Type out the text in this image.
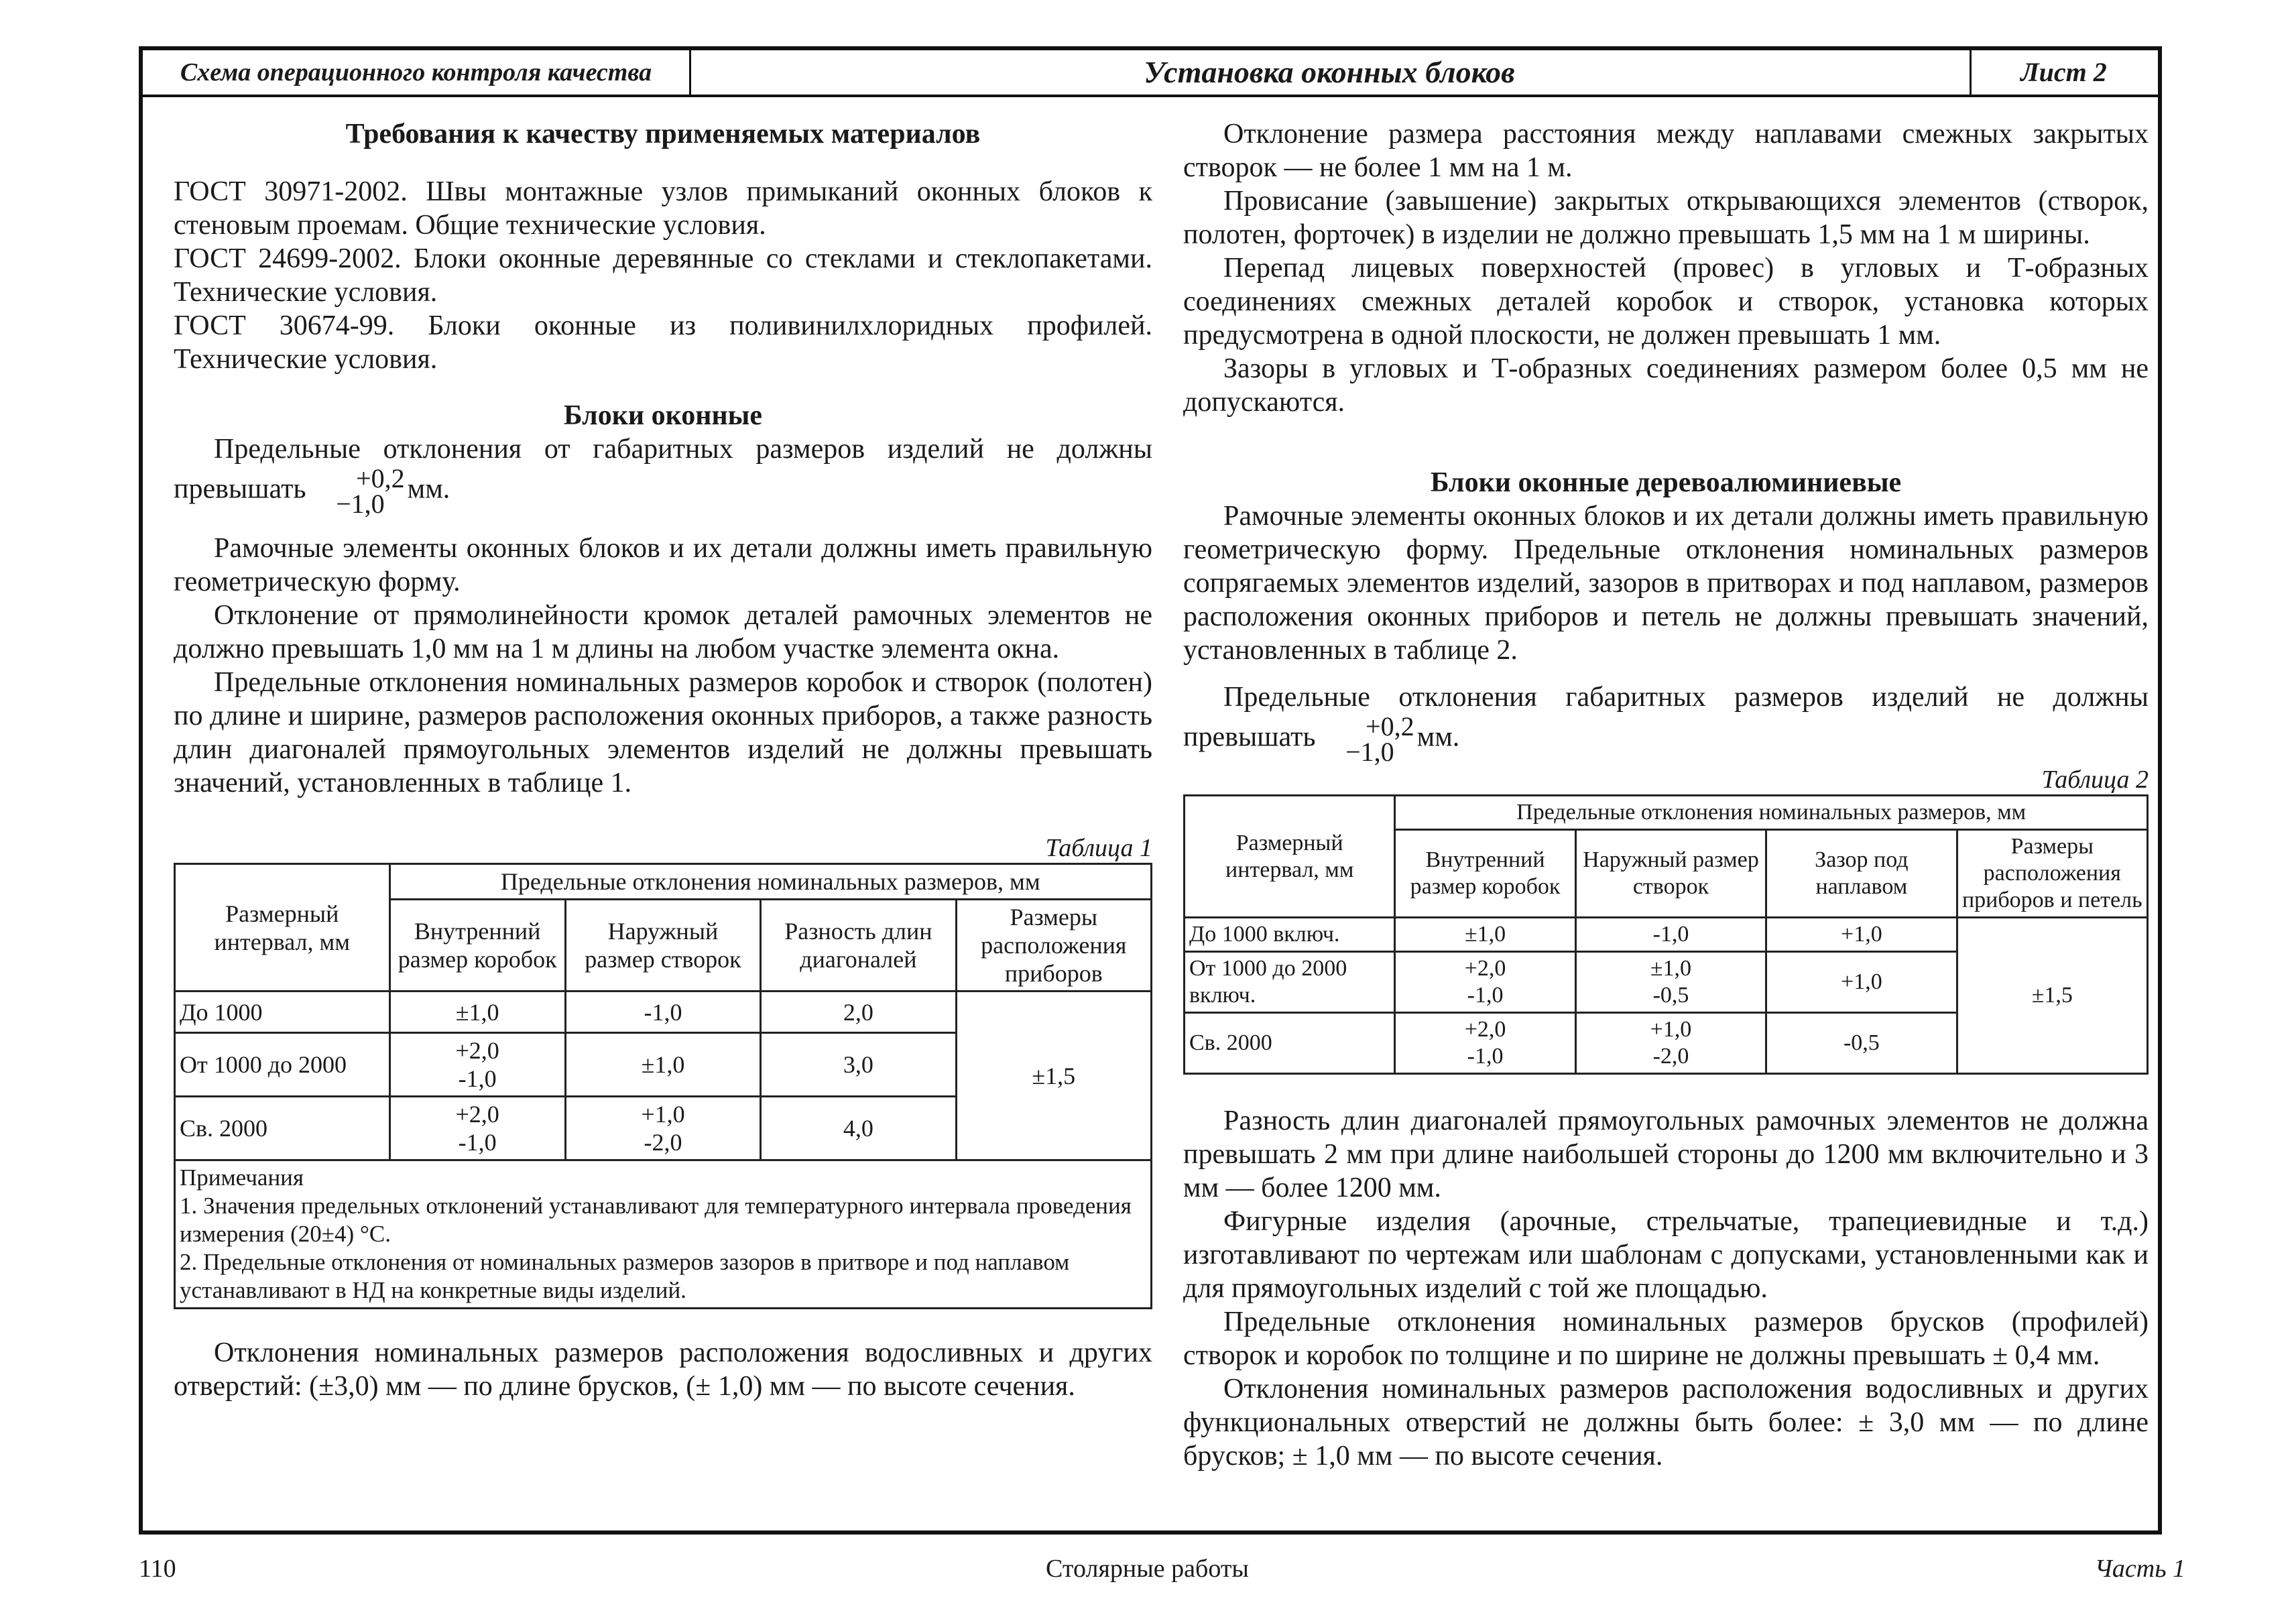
Схема операционного контроля качества	Установка оконных блоков	Лист 2

Требования к качеству применяемых материалов

ГОСТ 30971-2002. Швы монтажные узлов примыканий оконных блоков к стеновым проемам. Общие технические условия.

ГОСТ 24699-2002. Блоки оконные деревянные со стеклами и стеклопакетами. Технические условия.

ГОСТ 30674-99. Блоки оконные из поливинилхлоридных профилей. Технические условия.

Блоки оконные

Предельные отклонения от габаритных размеров изделий не должны превышать +0,2
−1,0 мм.

Рамочные элементы оконных блоков и их детали должны иметь правильную геометрическую форму.

Отклонение от прямолинейности кромок деталей рамочных элементов не должно превышать 1,0 мм на 1 м длины на любом участке элемента окна.

Предельные отклонения номинальных размеров коробок и створок (полотен) по длине и ширине, размеров расположения оконных приборов, а также разность длин диагоналей прямоугольных элементов изделий не должны превышать значений, установленных в таблице 1.

Таблица 1
Размерный интервал, мм	Предельные отклонения номинальных размеров, мм			
	Внутренний размер коробок	Наружный размер створок	Разность длин диагоналей	Размеры расположения приборов
До 1000	±1,0	-1,0	2,0	±1,5
От 1000 до 2000	+2,0
-1,0	±1,0	3,0	
Св. 2000	+2,0
-1,0	+1,0
-2,0	4,0	

Примечания
1. Значения предельных отклонений устанавливают для температурного интервала проведения измерения (20±4) °С.
2. Предельные отклонения от номинальных размеров зазоров в притворе и под наплавом устанавливают в НД на конкретные виды изделий.				

Отклонения номинальных размеров расположения водосливных и других отверстий: (±3,0) мм — по длине брусков, (± 1,0) мм — по высоте сечения.

Отклонение размера расстояния между наплавами смежных закрытых створок — не более 1 мм на 1 м.

Провисание (завышение) закрытых открывающихся элементов (створок, полотен, форточек) в изделии не должно превышать 1,5 мм на 1 м ширины.

Перепад лицевых поверхностей (провес) в угловых и Т-образных соединениях смежных деталей коробок и створок, установка которых предусмотрена в одной плоскости, не должен превышать 1 мм.

Зазоры в угловых и Т-образных соединениях размером более 0,5 мм не допускаются.

Блоки оконные деревоалюминиевые

Рамочные элементы оконных блоков и их детали должны иметь правильную геометрическую форму. Предельные отклонения номинальных размеров сопрягаемых элементов изделий, зазоров в притворах и под наплавом, размеров расположения оконных приборов и петель не должны превышать значений, установленных в таблице 2.

Предельные отклонения габаритных размеров изделий не должны превышать +0,2
−1,0 мм.

Таблица 2
Размерный интервал, мм	Предельные отклонения номинальных размеров, мм			
	Внутренний размер коробок	Наружный размер створок	Зазор под наплавом	Размеры расположения приборов и петель
До 1000 включ.	±1,0	-1,0	+1,0	±1,5
От 1000 до 2000 включ.	+2,0
-1,0	±1,0
-0,5	+1,0	
Св. 2000	+2,0
-1,0	+1,0
-2,0	-0,5	

Разность длин диагоналей прямоугольных рамочных элементов не должна превышать 2 мм при длине наибольшей стороны до 1200 мм включительно и 3 мм — более 1200 мм.

Фигурные изделия (арочные, стрельчатые, трапециевидные и т.д.) изготавливают по чертежам или шаблонам с допусками, установленными как и для прямоугольных изделий с той же площадью.

Предельные отклонения номинальных размеров брусков (профилей) створок и коробок по толщине и по ширине не должны превышать ± 0,4 мм.

Отклонения номинальных размеров расположения водосливных и других функциональных отверстий не должны быть более: ± 3,0 мм — по длине брусков; ± 1,0 мм — по высоте сечения.

110	Столярные работы	Часть 1
